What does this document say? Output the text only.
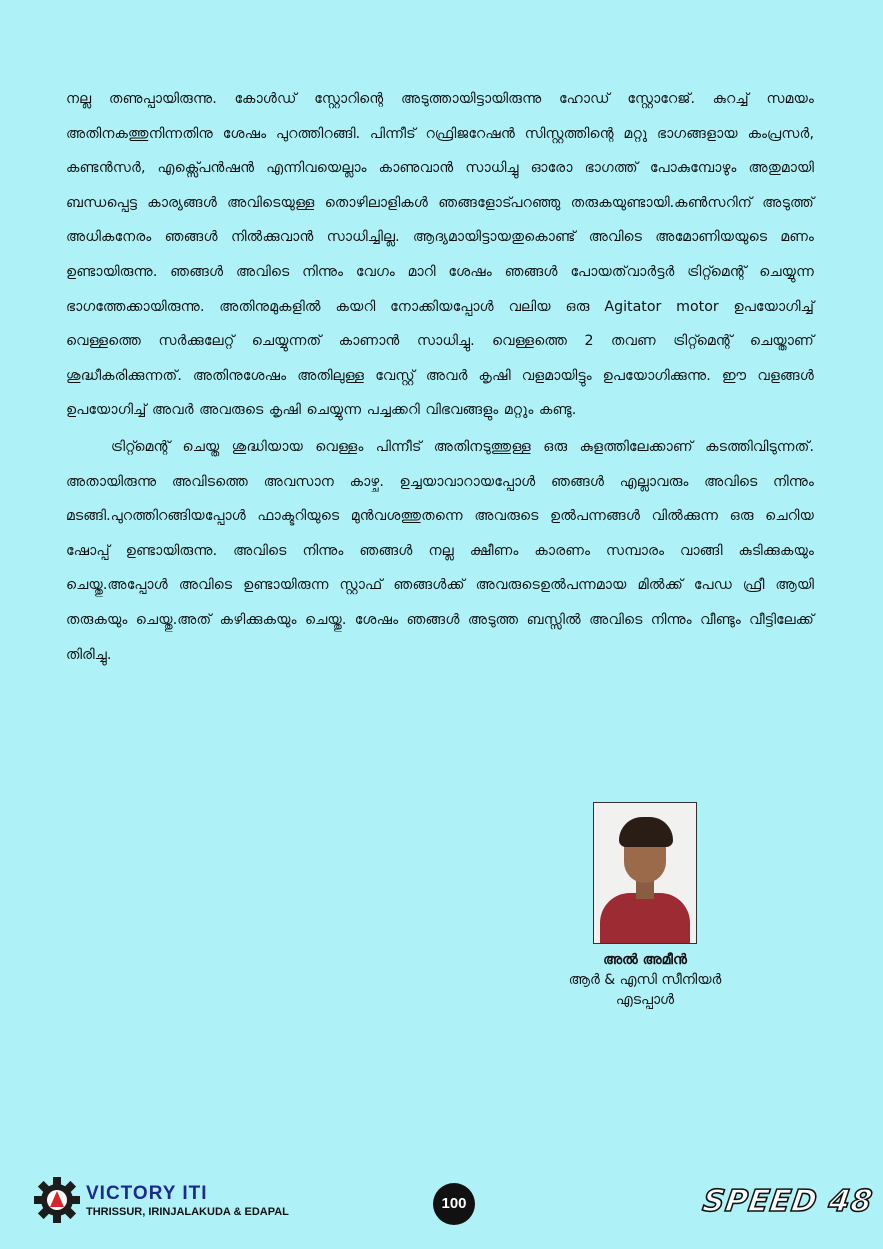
നല്ല തണുപ്പായിരുന്നു. കോൾഡ് സ്റ്റോറിന്റെ അടുത്തായിട്ടായിരുന്നു ഹോഡ് സ്റ്റോറേജ്. കുറച്ച് സമയം അതിനകത്തുനിന്നതിനു ശേഷം പുറത്തിറങ്ങി. പിന്നീട് റഫ്രിജറേഷൻ സിസ്റ്റത്തിന്റെ മറ്റു ഭാഗങ്ങളായ കംപ്രസർ, കണ്ടൻസർ, എക്സ്പെൻഷൻ എന്നിവയെല്ലാം കാണുവാൻ സാധിച്ചു ഓരോ ഭാഗത്ത് പോകുമ്പോഴും അതുമായി ബന്ധപ്പെട്ട കാര്യങ്ങൾ അവിടെയുള്ള തൊഴിലാളികൾ ഞങ്ങളോട്പറഞ്ഞു തരുകയുണ്ടായി.കൺസറിന് അടുത്ത് അധികനേരം ഞങ്ങൾ നിൽക്കുവാൻ സാധിച്ചില്ല. ആദ്യമായിട്ടായതുകൊണ്ട് അവിടെ അമോണിയയുടെ മണം ഉണ്ടായിരുന്നു. ഞങ്ങൾ അവിടെ നിന്നും വേഗം മാറി ശേഷം ഞങ്ങൾ പോയത്‌വാർട്ടർ ട്രിറ്റ്മെന്റ് ചെയ്യുന്ന ഭാഗത്തേക്കായിരുന്നു. അതിനുമുകളിൽ കയറി നോക്കിയപ്പോൾ വലിയ ഒരു Agitator motor ഉപയോഗിച്ച് വെള്ളത്തെ സർക്കുലേറ്റ് ചെയ്യുന്നത് കാണാൻ സാധിച്ചു. വെള്ളത്തെ 2 തവണ ട്രിറ്റ്മെന്റ് ചെയ്താണ് ശുദ്ധീകരിക്കുന്നത്. അതിനുശേഷം അതിലുള്ള വേസ്റ്റ് അവർ കൃഷി വളമായിട്ടും ഉപയോഗിക്കുന്നു. ഈ വളങ്ങൾ ഉപയോഗിച്ച് അവർ അവരുടെ കൃഷി ചെയ്യുന്ന പച്ചക്കറി വിഭവങ്ങളും മറ്റും കണ്ടു.

ട്രിറ്റ്മെന്റ് ചെയ്ത ശുദ്ധിയായ വെള്ളം പിന്നീട് അതിനടുത്തുള്ള ഒരു കുളത്തിലേക്കാണ് കടത്തിവിടുന്നത്. അതായിരുന്നു അവിടത്തെ അവസാന കാഴ്ച. ഉച്ചയാവാറായപ്പോൾ ഞങ്ങൾ എല്ലാവരും അവിടെ നിന്നും മടങ്ങി.പുറത്തിറങ്ങിയപ്പോൾ ഫാക്ടറിയുടെ മുൻവശത്തുതന്നെ അവരുടെ ഉൽപന്നങ്ങൾ വിൽക്കുന്ന ഒരു ചെറിയ ഷോപ്പ് ഉണ്ടായിരുന്നു. അവിടെ നിന്നും ഞങ്ങൾ നല്ല ക്ഷീണം കാരണം സമ്പാരം വാങ്ങി കുടിക്കുകയും ചെയ്തു.അപ്പോൾ അവിടെ ഉണ്ടായിരുന്ന സ്റ്റാഫ് ഞങ്ങൾക്ക് അവരുടെഉൽപന്നമായ മിൽക്ക് പേഡ ഫ്രീ ആയി തരുകയും ചെയ്തു.അത് കഴിക്കുകയും ചെയ്തു. ശേഷം ഞങ്ങൾ അടുത്ത ബസ്സിൽ അവിടെ നിന്നും വീണ്ടും വീട്ടിലേക്ക് തിരിച്ചു.

അൽ അമീൻ
ആർ & എസി സീനിയർ
എടപ്പാൾ
VICTORY ITI
THRISSUR, IRINJALAKUDA & EDAPAL	100	SPEED 48
